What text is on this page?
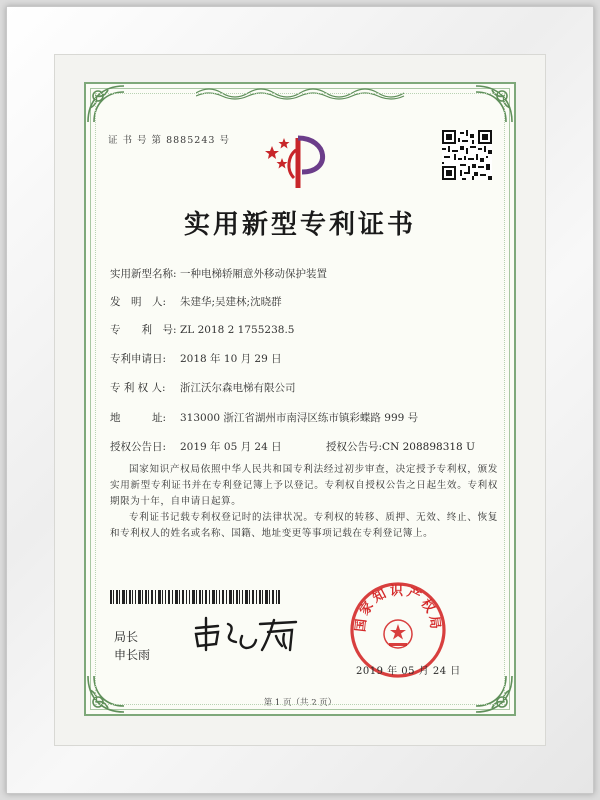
证 书 号 第 8885243 号
实用新型专利证书
实用新型名称: 一种电梯轿厢意外移动保护装置
发　明　人: 朱建华;吴建林;沈晓群
专　　利　号: ZL 2018 2 1755238.5
专利申请日: 2018 年 10 月 29 日
专 利 权 人: 浙江沃尔森电梯有限公司
地　　　址: 313000 浙江省湖州市南浔区练市镇彩蝶路 999 号
授权公告日: 2019 年 05 月 24 日	授权公告号:CN 208898318 U
国家知识产权局依照中华人民共和国专利法经过初步审查，决定授予专利权，颁发实用新型专利证书并在专利登记簿上予以登记。专利权自授权公告之日起生效。专利权期限为十年，自申请日起算。
专利证书记载专利权登记时的法律状况。专利权的转移、质押、无效、终止、恢复和专利权人的姓名或名称、国籍、地址变更等事项记载在专利登记簿上。
局长
申长雨
国家知识产权局
2019 年 05 月 24 日
第 1 页（共 2 页）
